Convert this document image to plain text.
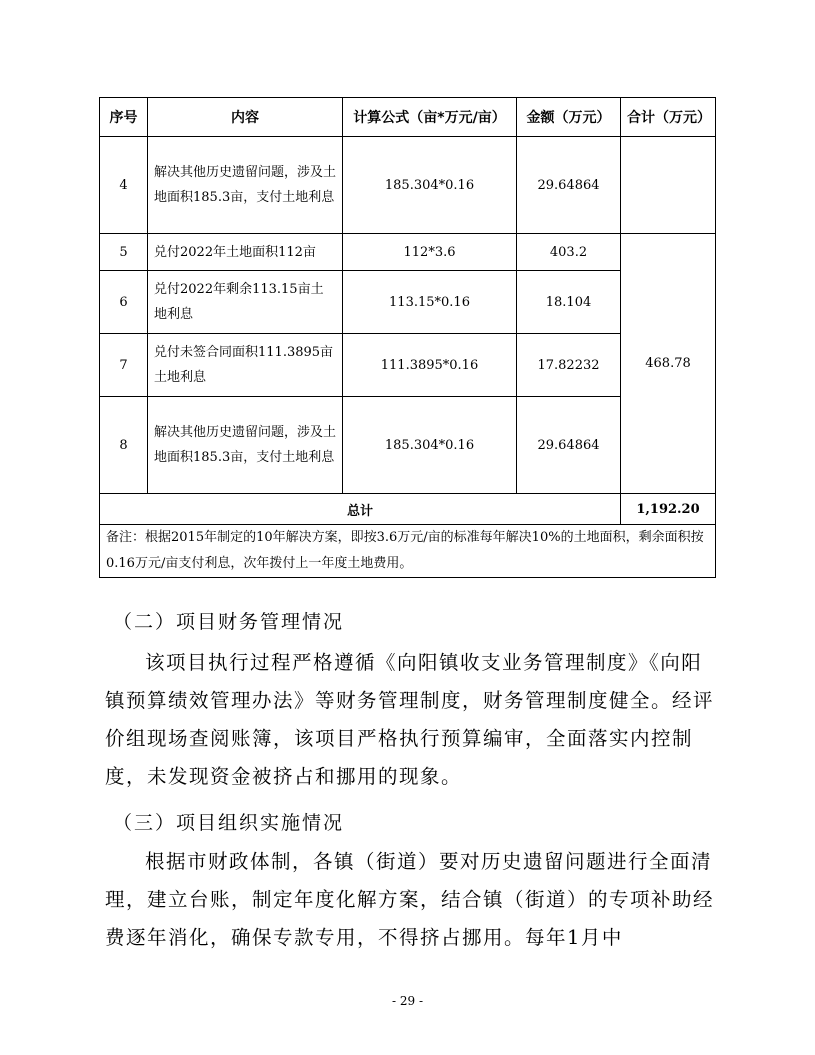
序号	内容	计算公式（亩*万元/亩）	金额（万元）	合计（万元）
4	解决其他历史遗留问题，涉及土地面积185.3亩，支付土地利息	185.304*0.16	29.64864	
5	兑付2022年土地面积112亩	112*3.6	403.2	468.78
6	兑付2022年剩余113.15亩土地利息	113.15*0.16	18.104	
7	兑付未签合同面积111.3895亩土地利息	111.3895*0.16	17.82232	
8	解决其他历史遗留问题，涉及土地面积185.3亩，支付土地利息	185.304*0.16	29.64864	
总计				1,192.20
备注：根据2015年制定的10年解决方案，即按3.6万元/亩的标准每年解决10%的土地面积，剩余面积按0.16万元/亩支付利息，次年拨付上一年度土地费用。				
（二）项目财务管理情况

该项目执行过程严格遵循《向阳镇收支业务管理制度》《向阳镇预算绩效管理办法》等财务管理制度，财务管理制度健全。经评价组现场查阅账簿，该项目严格执行预算编审，全面落实内控制度，未发现资金被挤占和挪用的现象。

（三）项目组织实施情况

根据市财政体制，各镇（街道）要对历史遗留问题进行全面清理，建立台账，制定年度化解方案，结合镇（街道）的专项补助经费逐年消化，确保专款专用，不得挤占挪用。每年1月中

- 29 -
